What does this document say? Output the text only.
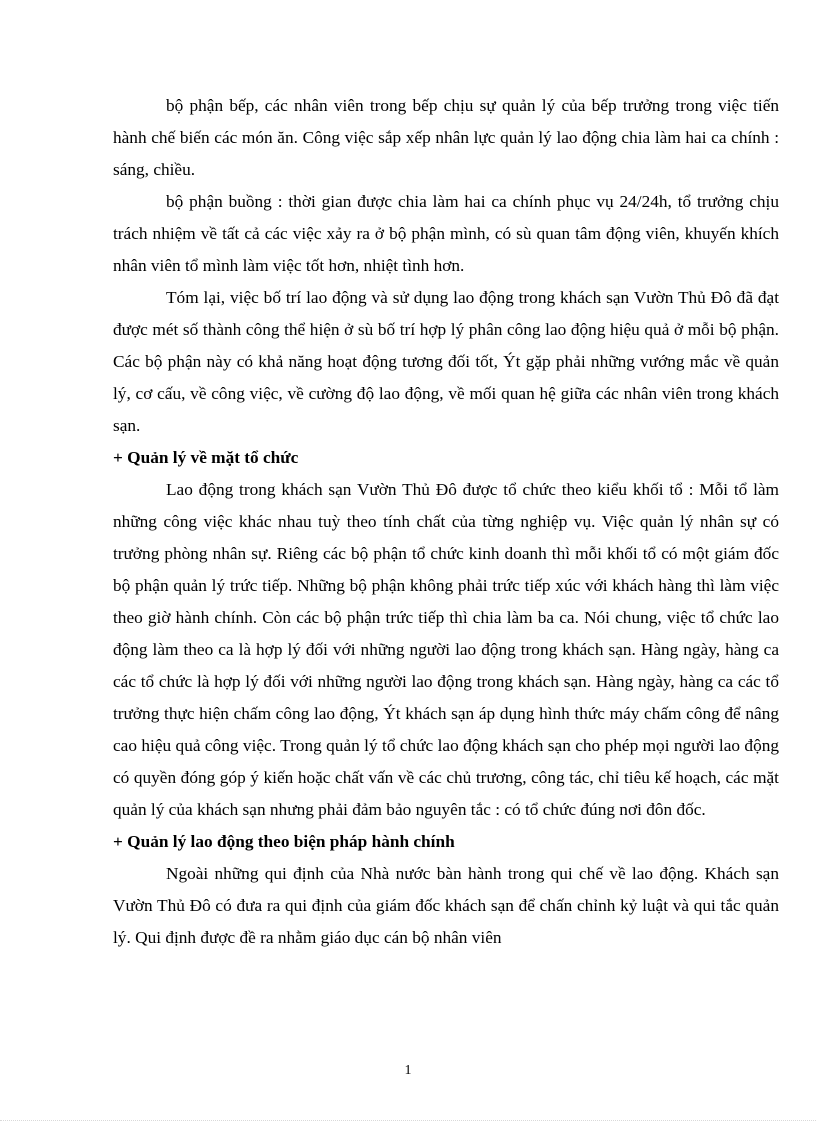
bộ phận bếp, các nhân viên trong bếp chịu sự quản lý của bếp trưởng trong việc tiến hành chế biến các món ăn. Công việc sắp xếp nhân lực quản lý lao động chia làm hai ca chính : sáng, chiều.

bộ phận buồng : thời gian được chia làm hai ca chính phục vụ 24/24h, tổ trưởng chịu trách nhiệm về tất cả các việc xảy ra ở bộ phận mình, có sù quan tâm động viên, khuyến khích nhân viên tổ mình làm việc tốt hơn, nhiệt tình hơn.

Tóm lại, việc bố trí lao động và sử dụng lao động trong khách sạn Vườn Thủ Đô đã đạt được mét số thành công thể hiện ở sù bố trí hợp lý phân công lao động hiệu quả ở mỗi bộ phận. Các bộ phận này có khả năng hoạt động tương đối tốt, Ýt gặp phải những vướng mắc về quản lý, cơ cấu, về công việc, về cường độ lao động, về mối quan hệ giữa các nhân viên trong khách sạn.

+ Quản lý về mặt tổ chức

Lao động trong khách sạn Vườn Thủ Đô được tổ chức theo kiểu khối tổ : Mỗi tổ làm những công việc khác nhau tuỳ theo tính chất của từng nghiệp vụ. Việc quản lý nhân sự có trưởng phòng nhân sự. Riêng các bộ phận tổ chức kinh doanh thì mỗi khối tổ có một giám đốc bộ phận quản lý trức tiếp. Những bộ phận không phải trức tiếp xúc với khách hàng thì làm việc theo giờ hành chính. Còn các bộ phận trức tiếp thì chia làm ba ca. Nói chung, việc tổ chức lao động làm theo ca là hợp lý đối với những người lao động trong khách sạn. Hàng ngày, hàng ca các tổ chức là hợp lý đối với những người lao động trong khách sạn. Hàng ngày, hàng ca các tổ trưởng thực hiện chấm công lao động, Ýt khách sạn áp dụng hình thức máy chấm công để nâng cao hiệu quả công việc. Trong quản lý tổ chức lao động khách sạn cho phép mọi người lao động có quyền đóng góp ý kiến hoặc chất vấn về các chủ trương, công tác, chỉ tiêu kế hoạch, các mặt quản lý của khách sạn nhưng phải đảm bảo nguyên tắc : có tổ chức đúng nơi đôn đốc.

+ Quản lý lao động theo biện pháp hành chính

Ngoài những qui định của Nhà nước bàn hành trong qui chế về lao động. Khách sạn Vườn Thủ Đô có đưa ra qui định của giám đốc khách sạn để chấn chỉnh kỷ luật và qui tắc quản lý. Qui định được đề ra nhằm giáo dục cán bộ nhân viên

1
